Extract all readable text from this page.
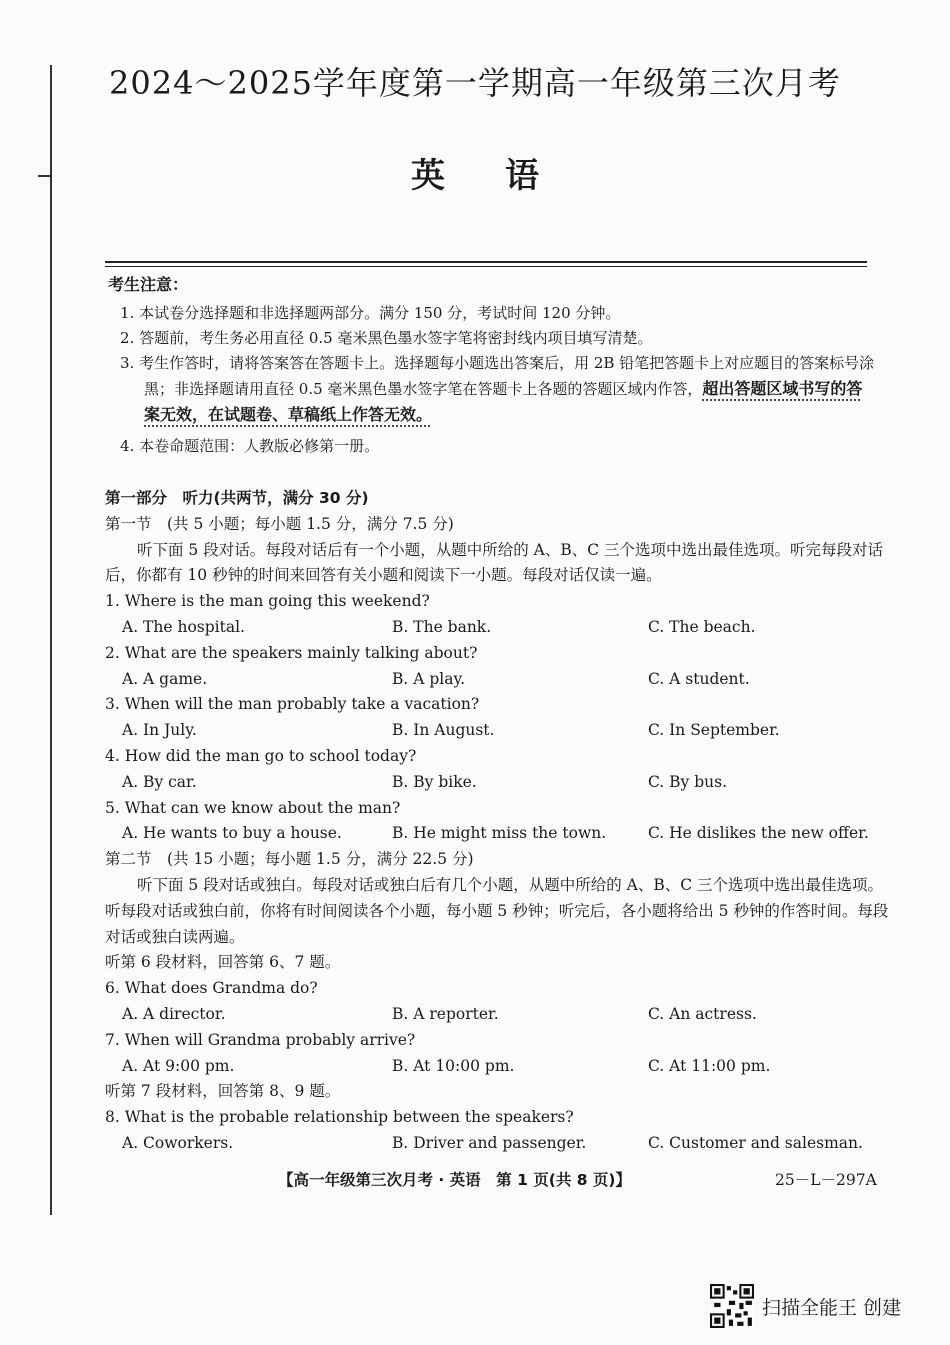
2024～2025学年度第一学期高一年级第三次月考
英语
考生注意：
1. 本试卷分选择题和非选择题两部分。满分 150 分，考试时间 120 分钟。
2. 答题前，考生务必用直径 0.5 毫米黑色墨水签字笔将密封线内项目填写清楚。
3. 考生作答时，请将答案答在答题卡上。选择题每小题选出答案后，用 2B 铅笔把答题卡上对应题目的答案标号涂黑；非选择题请用直径 0.5 毫米黑色墨水签字笔在答题卡上各题的答题区域内作答，超出答题区域书写的答案无效，在试题卷、草稿纸上作答无效。
4. 本卷命题范围：人教版必修第一册。
第一部分　听力(共两节，满分 30 分)
第一节　(共 5 小题；每小题 1.5 分，满分 7.5 分)
听下面 5 段对话。每段对话后有一个小题，从题中所给的 A、B、C 三个选项中选出最佳选项。听完每段对话后，你都有 10 秒钟的时间来回答有关小题和阅读下一小题。每段对话仅读一遍。
1. Where is the man going this weekend?
A. The hospital.	B. The bank.	C. The beach.
2. What are the speakers mainly talking about?
A. A game.	B. A play.	C. A student.
3. When will the man probably take a vacation?
A. In July.	B. In August.	C. In September.
4. How did the man go to school today?
A. By car.	B. By bike.	C. By bus.
5. What can we know about the man?
A. He wants to buy a house.	B. He might miss the town.	C. He dislikes the new offer.
第二节　(共 15 小题；每小题 1.5 分，满分 22.5 分)
听下面 5 段对话或独白。每段对话或独白后有几个小题，从题中所给的 A、B、C 三个选项中选出最佳选项。听每段对话或独白前，你将有时间阅读各个小题，每小题 5 秒钟；听完后，各小题将给出 5 秒钟的作答时间。每段对话或独白读两遍。
听第 6 段材料，回答第 6、7 题。
6. What does Grandma do?
A. A director.	B. A reporter.	C. An actress.
7. When will Grandma probably arrive?
A. At 9:00 pm.	B. At 10:00 pm.	C. At 11:00 pm.
听第 7 段材料，回答第 8、9 题。
8. What is the probable relationship between the speakers?
A. Coworkers.	B. Driver and passenger.	C. Customer and salesman.
【高一年级第三次月考 · 英语　第 1 页(共 8 页)】	25－L－297A
扫描全能王 创建
